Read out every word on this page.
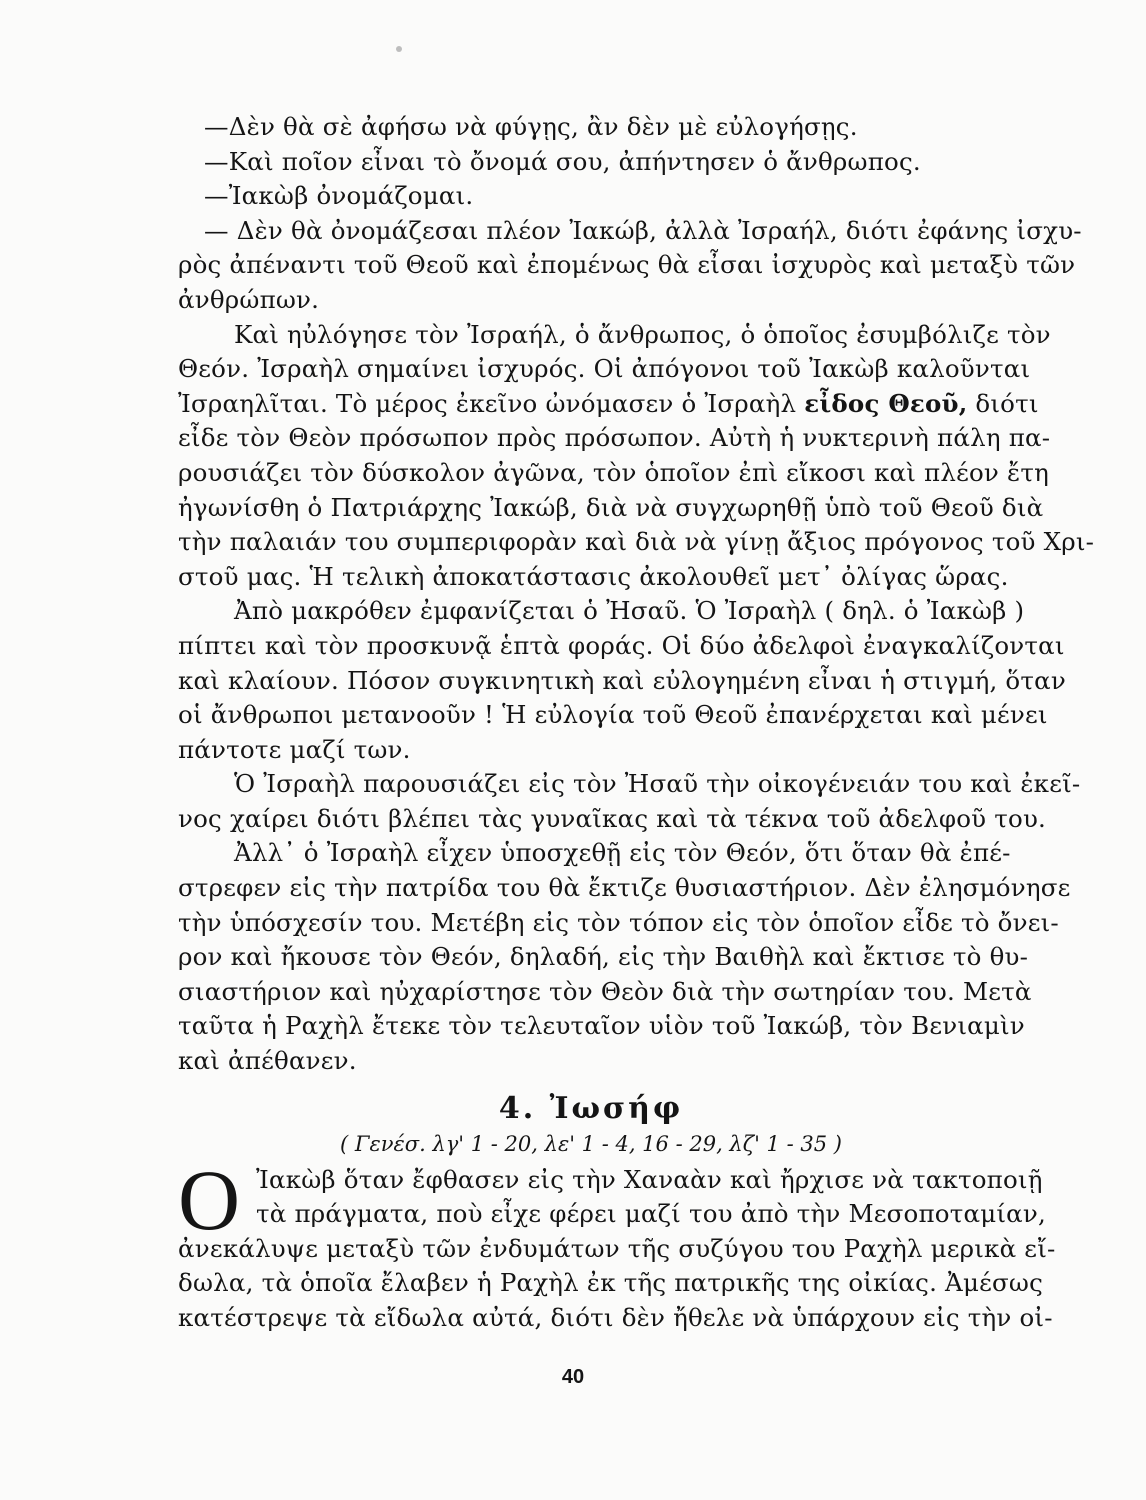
—Δὲν θὰ σὲ ἀφήσω νὰ φύγῃς, ἂν δὲν μὲ εὐλογήσῃς.
—Καὶ ποῖον εἶναι τὸ ὄνομά σου, ἀπήντησεν ὁ ἄνθρωπος.
—Ἰακὼβ ὀνομάζομαι.
— Δὲν θὰ ὀνομάζεσαι πλέον Ἰακώβ, ἀλλὰ Ἰσραήλ, διότι ἐφάνης ἰσχυ-
ρὸς ἀπέναντι τοῦ Θεοῦ καὶ ἐπομένως θὰ εἶσαι ἰσχυρὸς καὶ μεταξὺ τῶν
ἀνθρώπων.
Καὶ ηὐλόγησε τὸν Ἰσραήλ, ὁ ἄνθρωπος, ὁ ὁποῖος ἐσυμβόλιζε τὸν
Θεόν. Ἰσραὴλ σημαίνει ἰσχυρός. Οἱ ἀπόγονοι τοῦ Ἰακὼβ καλοῦνται
Ἰσραηλῖται. Τὸ μέρος ἐκεῖνο ὠνόμασεν ὁ Ἰσραὴλ εἶδος Θεοῦ, διότι
εἶδε τὸν Θεὸν πρόσωπον πρὸς πρόσωπον. Αὐτὴ ἡ νυκτερινὴ πάλη πα-
ρουσιάζει τὸν δύσκολον ἀγῶνα, τὸν ὁποῖον ἐπὶ εἴκοσι καὶ πλέον ἔτη
ἠγωνίσθη ὁ Πατριάρχης Ἰακώβ, διὰ νὰ συγχωρηθῇ ὑπὸ τοῦ Θεοῦ διὰ
τὴν παλαιάν του συμπεριφορὰν καὶ διὰ νὰ γίνῃ ἄξιος πρόγονος τοῦ Χρι-
στοῦ μας. Ἡ τελικὴ ἀποκατάστασις ἀκολουθεῖ μετ᾽ ὀλίγας ὥρας.
Ἀπὸ μακρόθεν ἐμφανίζεται ὁ Ἠσαῦ. Ὁ Ἰσραὴλ ( δηλ. ὁ Ἰακὼβ )
πίπτει καὶ τὸν προσκυνᾷ ἑπτὰ φοράς. Οἱ δύο ἀδελφοὶ ἐναγκαλίζονται
καὶ κλαίουν. Πόσον συγκινητικὴ καὶ εὐλογημένη εἶναι ἡ στιγμή, ὅταν
οἱ ἄνθρωποι μετανοοῦν ! Ἡ εὐλογία τοῦ Θεοῦ ἐπανέρχεται καὶ μένει
πάντοτε μαζί των.
Ὁ Ἰσραὴλ παρουσιάζει εἰς τὸν Ἠσαῦ τὴν οἰκογένειάν του καὶ ἐκεῖ-
νος χαίρει διότι βλέπει τὰς γυναῖκας καὶ τὰ τέκνα τοῦ ἀδελφοῦ του.
Ἀλλ᾽ ὁ Ἰσραὴλ εἶχεν ὑποσχεθῇ εἰς τὸν Θεόν, ὅτι ὅταν θὰ ἐπέ-
στρεφεν εἰς τὴν πατρίδα του θὰ ἔκτιζε θυσιαστήριον. Δὲν ἐλησμόνησε
τὴν ὑπόσχεσίν του. Μετέβη εἰς τὸν τόπον εἰς τὸν ὁποῖον εἶδε τὸ ὄνει-
ρον καὶ ἤκουσε τὸν Θεόν, δηλαδή, εἰς τὴν Βαιθὴλ καὶ ἔκτισε τὸ θυ-
σιαστήριον καὶ ηὐχαρίστησε τὸν Θεὸν διὰ τὴν σωτηρίαν του. Μετὰ
ταῦτα ἡ Ραχὴλ ἔτεκε τὸν τελευταῖον υἱὸν τοῦ Ἰακώβ, τὸν Βενιαμὶν
καὶ ἀπέθανεν.
4. Ἰωσήφ
( Γενέσ. λγ' 1 - 20, λε' 1 - 4, 16 - 29, λζ' 1 - 35 )
Ο Ἰακὼβ ὅταν ἔφθασεν εἰς τὴν Χαναὰν καὶ ἤρχισε νὰ τακτοποιῇ
τὰ πράγματα, ποὺ εἶχε φέρει μαζί του ἀπὸ τὴν Μεσοποταμίαν,
ἀνεκάλυψε μεταξὺ τῶν ἐνδυμάτων τῆς συζύγου του Ραχὴλ μερικὰ εἴ-
δωλα, τὰ ὁποῖα ἔλαβεν ἡ Ραχὴλ ἐκ τῆς πατρικῆς της οἰκίας. Ἀμέσως
κατέστρεψε τὰ εἴδωλα αὐτά, διότι δὲν ἤθελε νὰ ὑπάρχουν εἰς τὴν οἰ-
40
